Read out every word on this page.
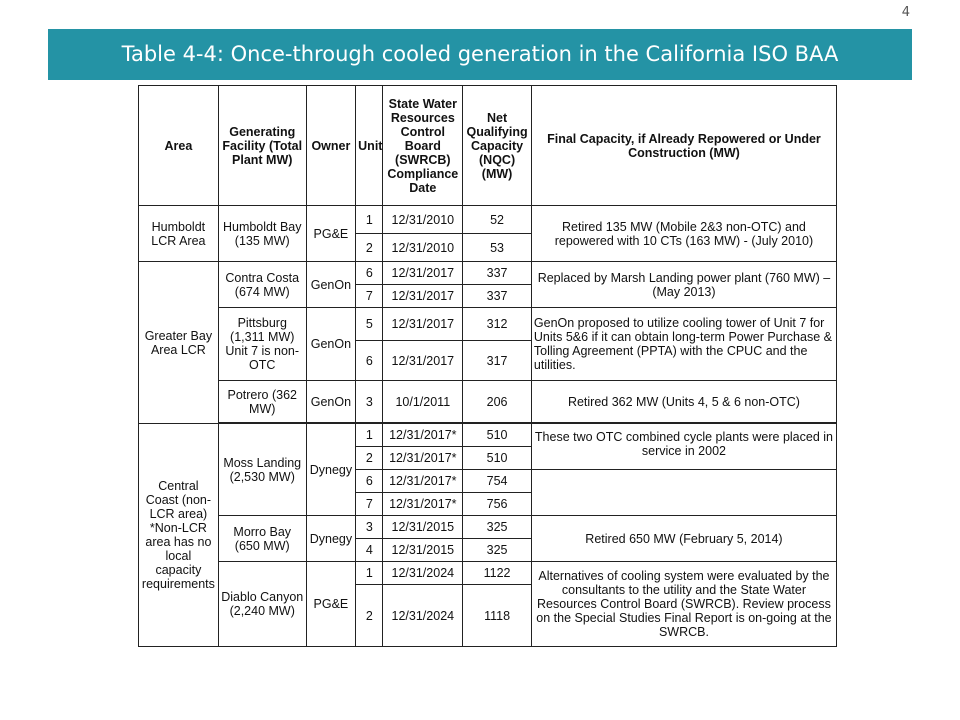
4
Table 4-4: Once-through cooled generation in the California ISO BAA
Area	Generating Facility (Total Plant MW)	Owner	Unit	State Water Resources Control Board (SWRCB) Compliance Date	Net Qualifying Capacity (NQC) (MW)	Final Capacity, if Already Repowered or Under Construction (MW)
Humboldt LCR Area	Humboldt Bay (135 MW)	PG&E	1	12/31/2010	52	Retired 135 MW (Mobile 2&3 non-OTC) and repowered with 10 CTs (163 MW) - (July 2010)
			2	12/31/2010	53	
Greater Bay Area LCR	Contra Costa (674 MW)	GenOn	6	12/31/2017	337	Replaced by Marsh Landing power plant (760 MW) – (May 2013)
			7	12/31/2017	337	
	Pittsburg (1,311 MW) Unit 7 is non-OTC	GenOn	5	12/31/2017	312	GenOn proposed to utilize cooling tower of Unit 7 for Units 5&6 if it can obtain long-term Power Purchase & Tolling Agreement (PPTA) with the CPUC and the utilities.
			6	12/31/2017	317	
	Potrero (362 MW)	GenOn	3	10/1/2011	206	Retired 362 MW (Units 4, 5 & 6 non-OTC)

Central Coast (non-LCR area) *Non-LCR area has no local capacity requirements	Moss Landing (2,530 MW)	Dynegy	1	12/31/2017*	510	These two OTC combined cycle plants were placed in service in 2002
			2	12/31/2017*	510	
			6	12/31/2017*	754	
			7	12/31/2017*	756	
	Morro Bay (650 MW)	Dynegy	3	12/31/2015	325	Retired 650 MW (February 5, 2014)
			4	12/31/2015	325	
	Diablo Canyon (2,240 MW)	PG&E	1	12/31/2024	1122	Alternatives of cooling system were evaluated by the consultants to the utility and the State Water Resources Control Board (SWRCB). Review process on the Special Studies Final Report is on-going at the SWRCB.
			2	12/31/2024	1118	
